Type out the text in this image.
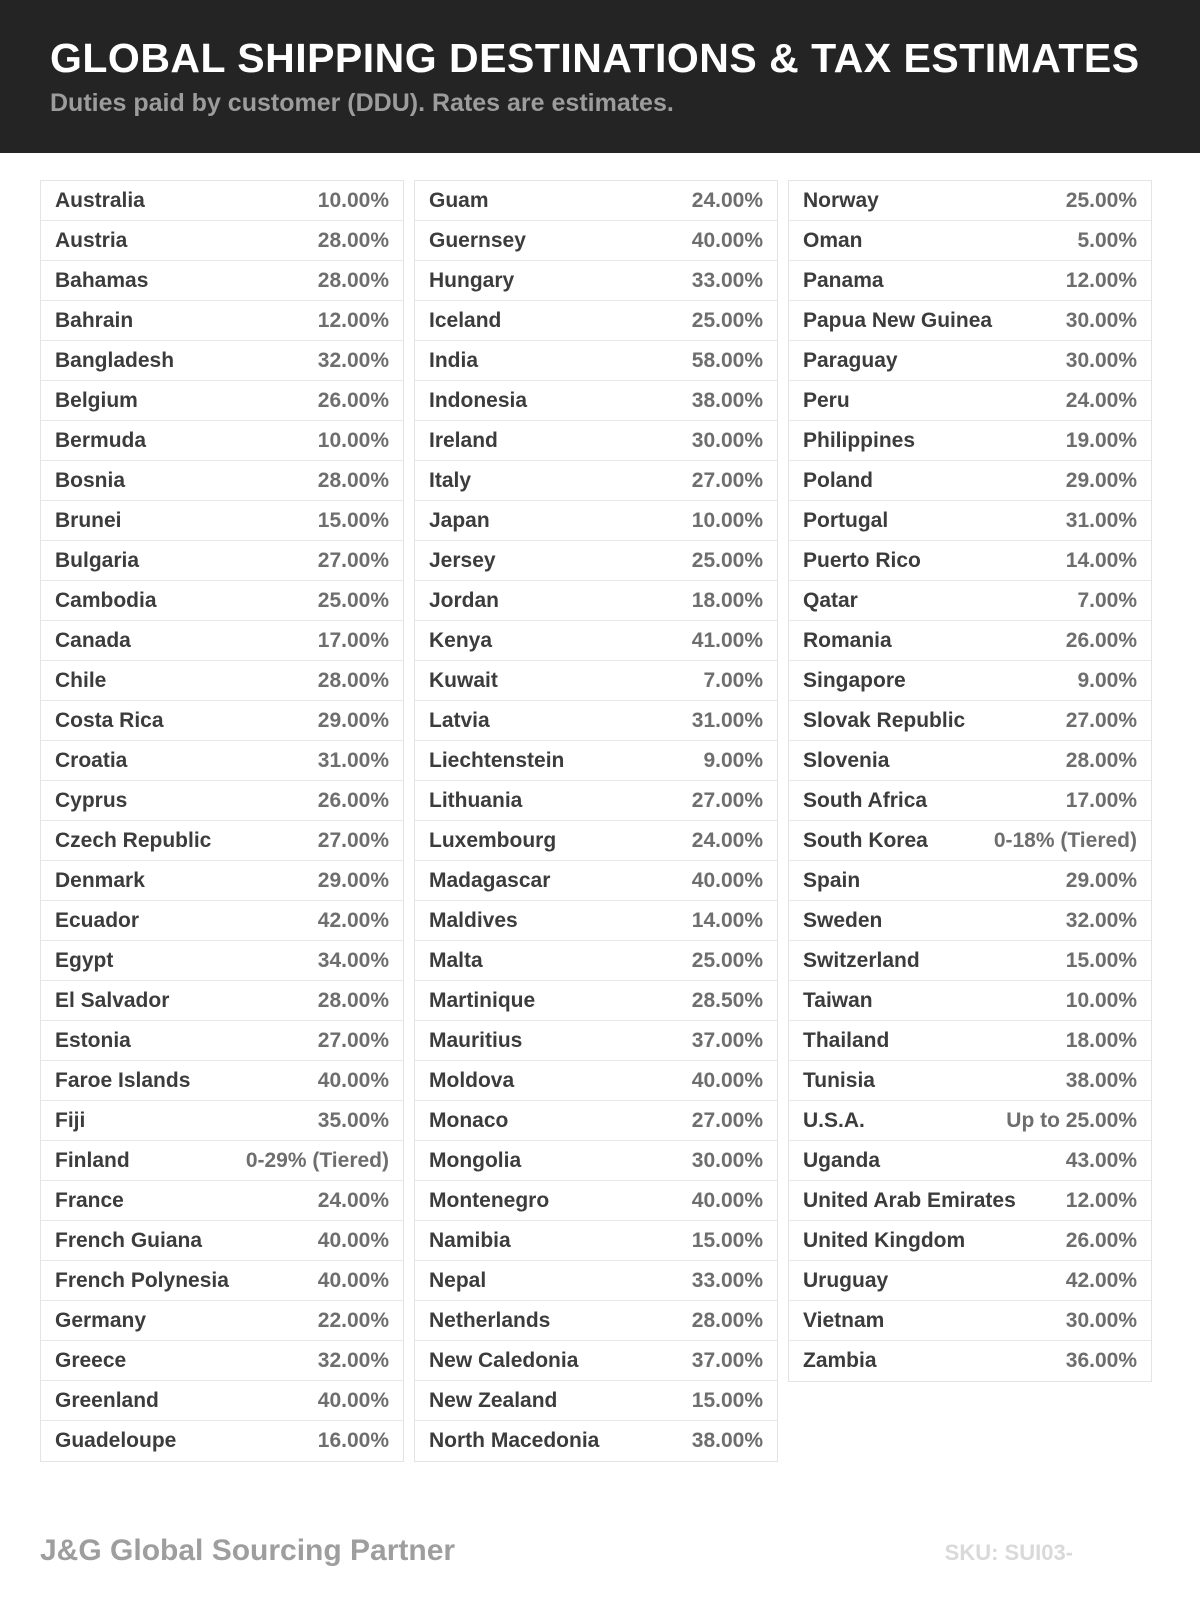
GLOBAL SHIPPING DESTINATIONS & TAX ESTIMATES
Duties paid by customer (DDU). Rates are estimates.
Australia	10.00%
Austria	28.00%
Bahamas	28.00%
Bahrain	12.00%
Bangladesh	32.00%
Belgium	26.00%
Bermuda	10.00%
Bosnia	28.00%
Brunei	15.00%
Bulgaria	27.00%
Cambodia	25.00%
Canada	17.00%
Chile	28.00%
Costa Rica	29.00%
Croatia	31.00%
Cyprus	26.00%
Czech Republic	27.00%
Denmark	29.00%
Ecuador	42.00%
Egypt	34.00%
El Salvador	28.00%
Estonia	27.00%
Faroe Islands	40.00%
Fiji	35.00%
Finland	0-29% (Tiered)
France	24.00%
French Guiana	40.00%
French Polynesia	40.00%
Germany	22.00%
Greece	32.00%
Greenland	40.00%
Guadeloupe	16.00%
Guam	24.00%
Guernsey	40.00%
Hungary	33.00%
Iceland	25.00%
India	58.00%
Indonesia	38.00%
Ireland	30.00%
Italy	27.00%
Japan	10.00%
Jersey	25.00%
Jordan	18.00%
Kenya	41.00%
Kuwait	7.00%
Latvia	31.00%
Liechtenstein	9.00%
Lithuania	27.00%
Luxembourg	24.00%
Madagascar	40.00%
Maldives	14.00%
Malta	25.00%
Martinique	28.50%
Mauritius	37.00%
Moldova	40.00%
Monaco	27.00%
Mongolia	30.00%
Montenegro	40.00%
Namibia	15.00%
Nepal	33.00%
Netherlands	28.00%
New Caledonia	37.00%
New Zealand	15.00%
North Macedonia	38.00%
Norway	25.00%
Oman	5.00%
Panama	12.00%
Papua New Guinea	30.00%
Paraguay	30.00%
Peru	24.00%
Philippines	19.00%
Poland	29.00%
Portugal	31.00%
Puerto Rico	14.00%
Qatar	7.00%
Romania	26.00%
Singapore	9.00%
Slovak Republic	27.00%
Slovenia	28.00%
South Africa	17.00%
South Korea	0-18% (Tiered)
Spain	29.00%
Sweden	32.00%
Switzerland	15.00%
Taiwan	10.00%
Thailand	18.00%
Tunisia	38.00%
U.S.A.	Up to 25.00%
Uganda	43.00%
United Arab Emirates 12.00%
United Kingdom	26.00%
Uruguay	42.00%
Vietnam	30.00%
Zambia	36.00%
J&G Global Sourcing Partner	SKU: SUI03-
